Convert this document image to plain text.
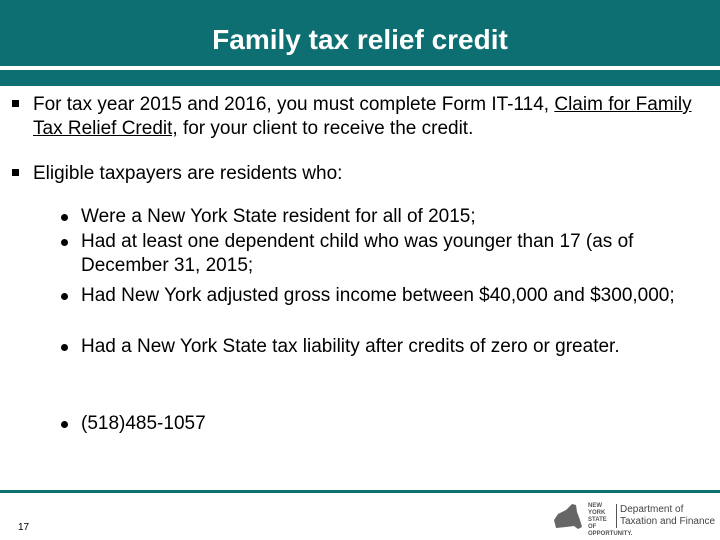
Family tax relief credit
For tax year 2015 and 2016, you must complete Form IT-114, Claim for Family Tax Relief Credit, for your client to receive the credit.
Eligible taxpayers are residents who:
Were a New York State resident for all of 2015;
Had at least one dependent child who was younger than 17 (as of December 31, 2015;
Had New York adjusted gross income between $40,000 and $300,000;
Had a New York State tax liability after credits of zero or greater.
(518)485-1057
17
NEW YORK STATE OF OPPORTUNITY.
Department of
Taxation and Finance
